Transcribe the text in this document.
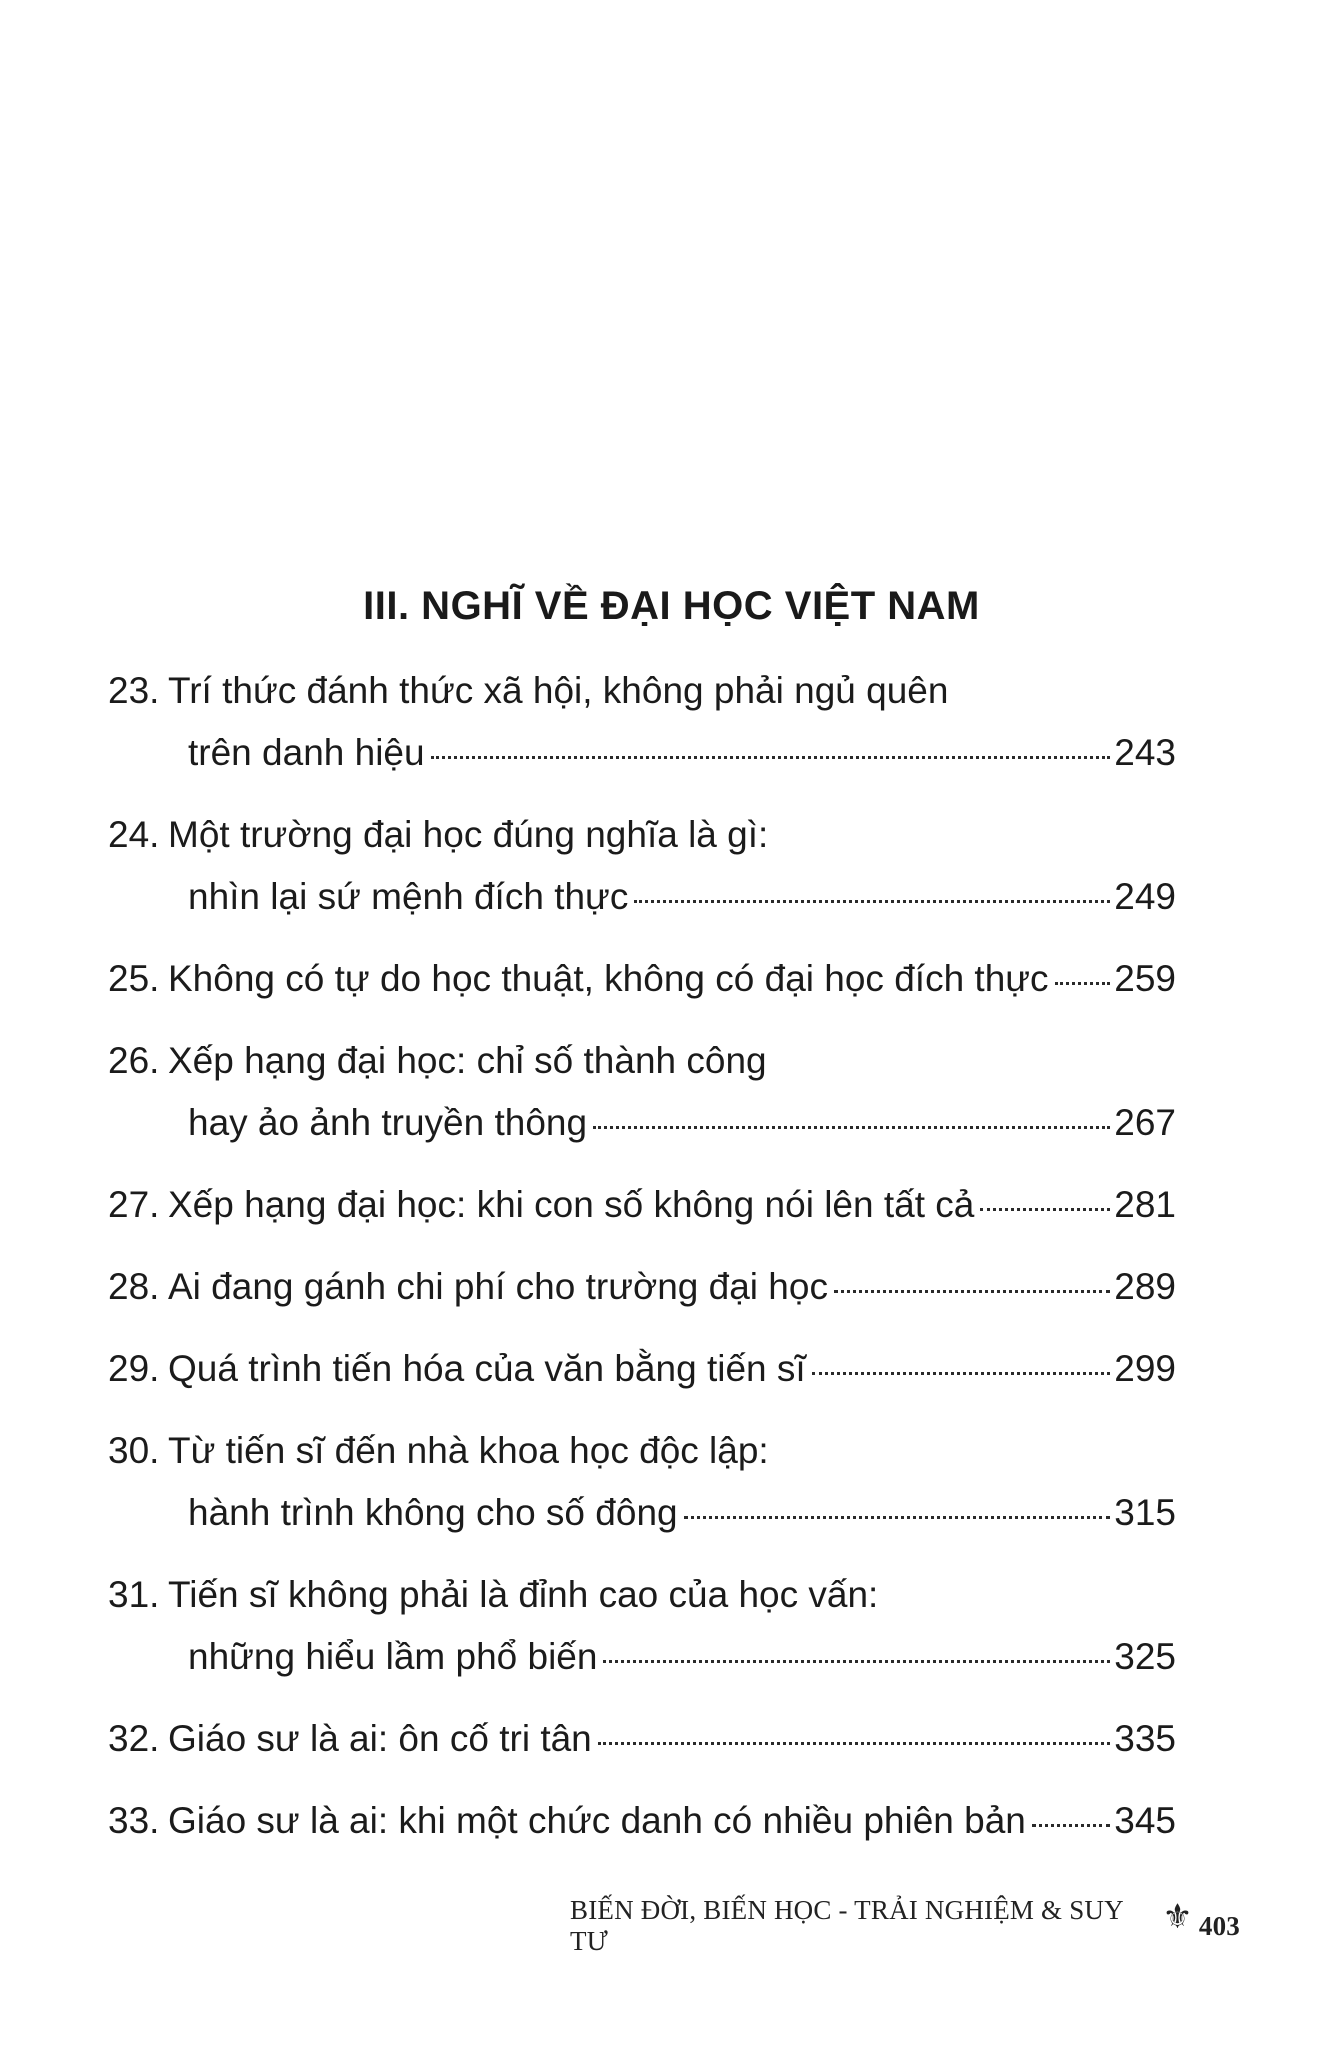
III. NGHĨ VỀ ĐẠI HỌC VIỆT NAM
23. Trí thức đánh thức xã hội, không phải ngủ quên
trên danh hiệu	243
24. Một trường đại học đúng nghĩa là gì:
nhìn lại sứ mệnh đích thực	249
25. Không có tự do học thuật, không có đại học đích thực 259
26. Xếp hạng đại học: chỉ số thành công
hay ảo ảnh truyền thông	267
27. Xếp hạng đại học: khi con số không nói lên tất cả	281
28. Ai đang gánh chi phí cho trường đại học	289
29. Quá trình tiến hóa của văn bằng tiến sĩ	299
30. Từ tiến sĩ đến nhà khoa học độc lập:
hành trình không cho số đông	315
31. Tiến sĩ không phải là đỉnh cao của học vấn:
những hiểu lầm phổ biến	325
32. Giáo sư là ai: ôn cố tri tân	335
33. Giáo sư là ai: khi một chức danh có nhiều phiên bản 345
BIẾN ĐỜI, BIẾN HỌC - TRẢI NGHIỆM & SUY TƯ
⚜ 403
